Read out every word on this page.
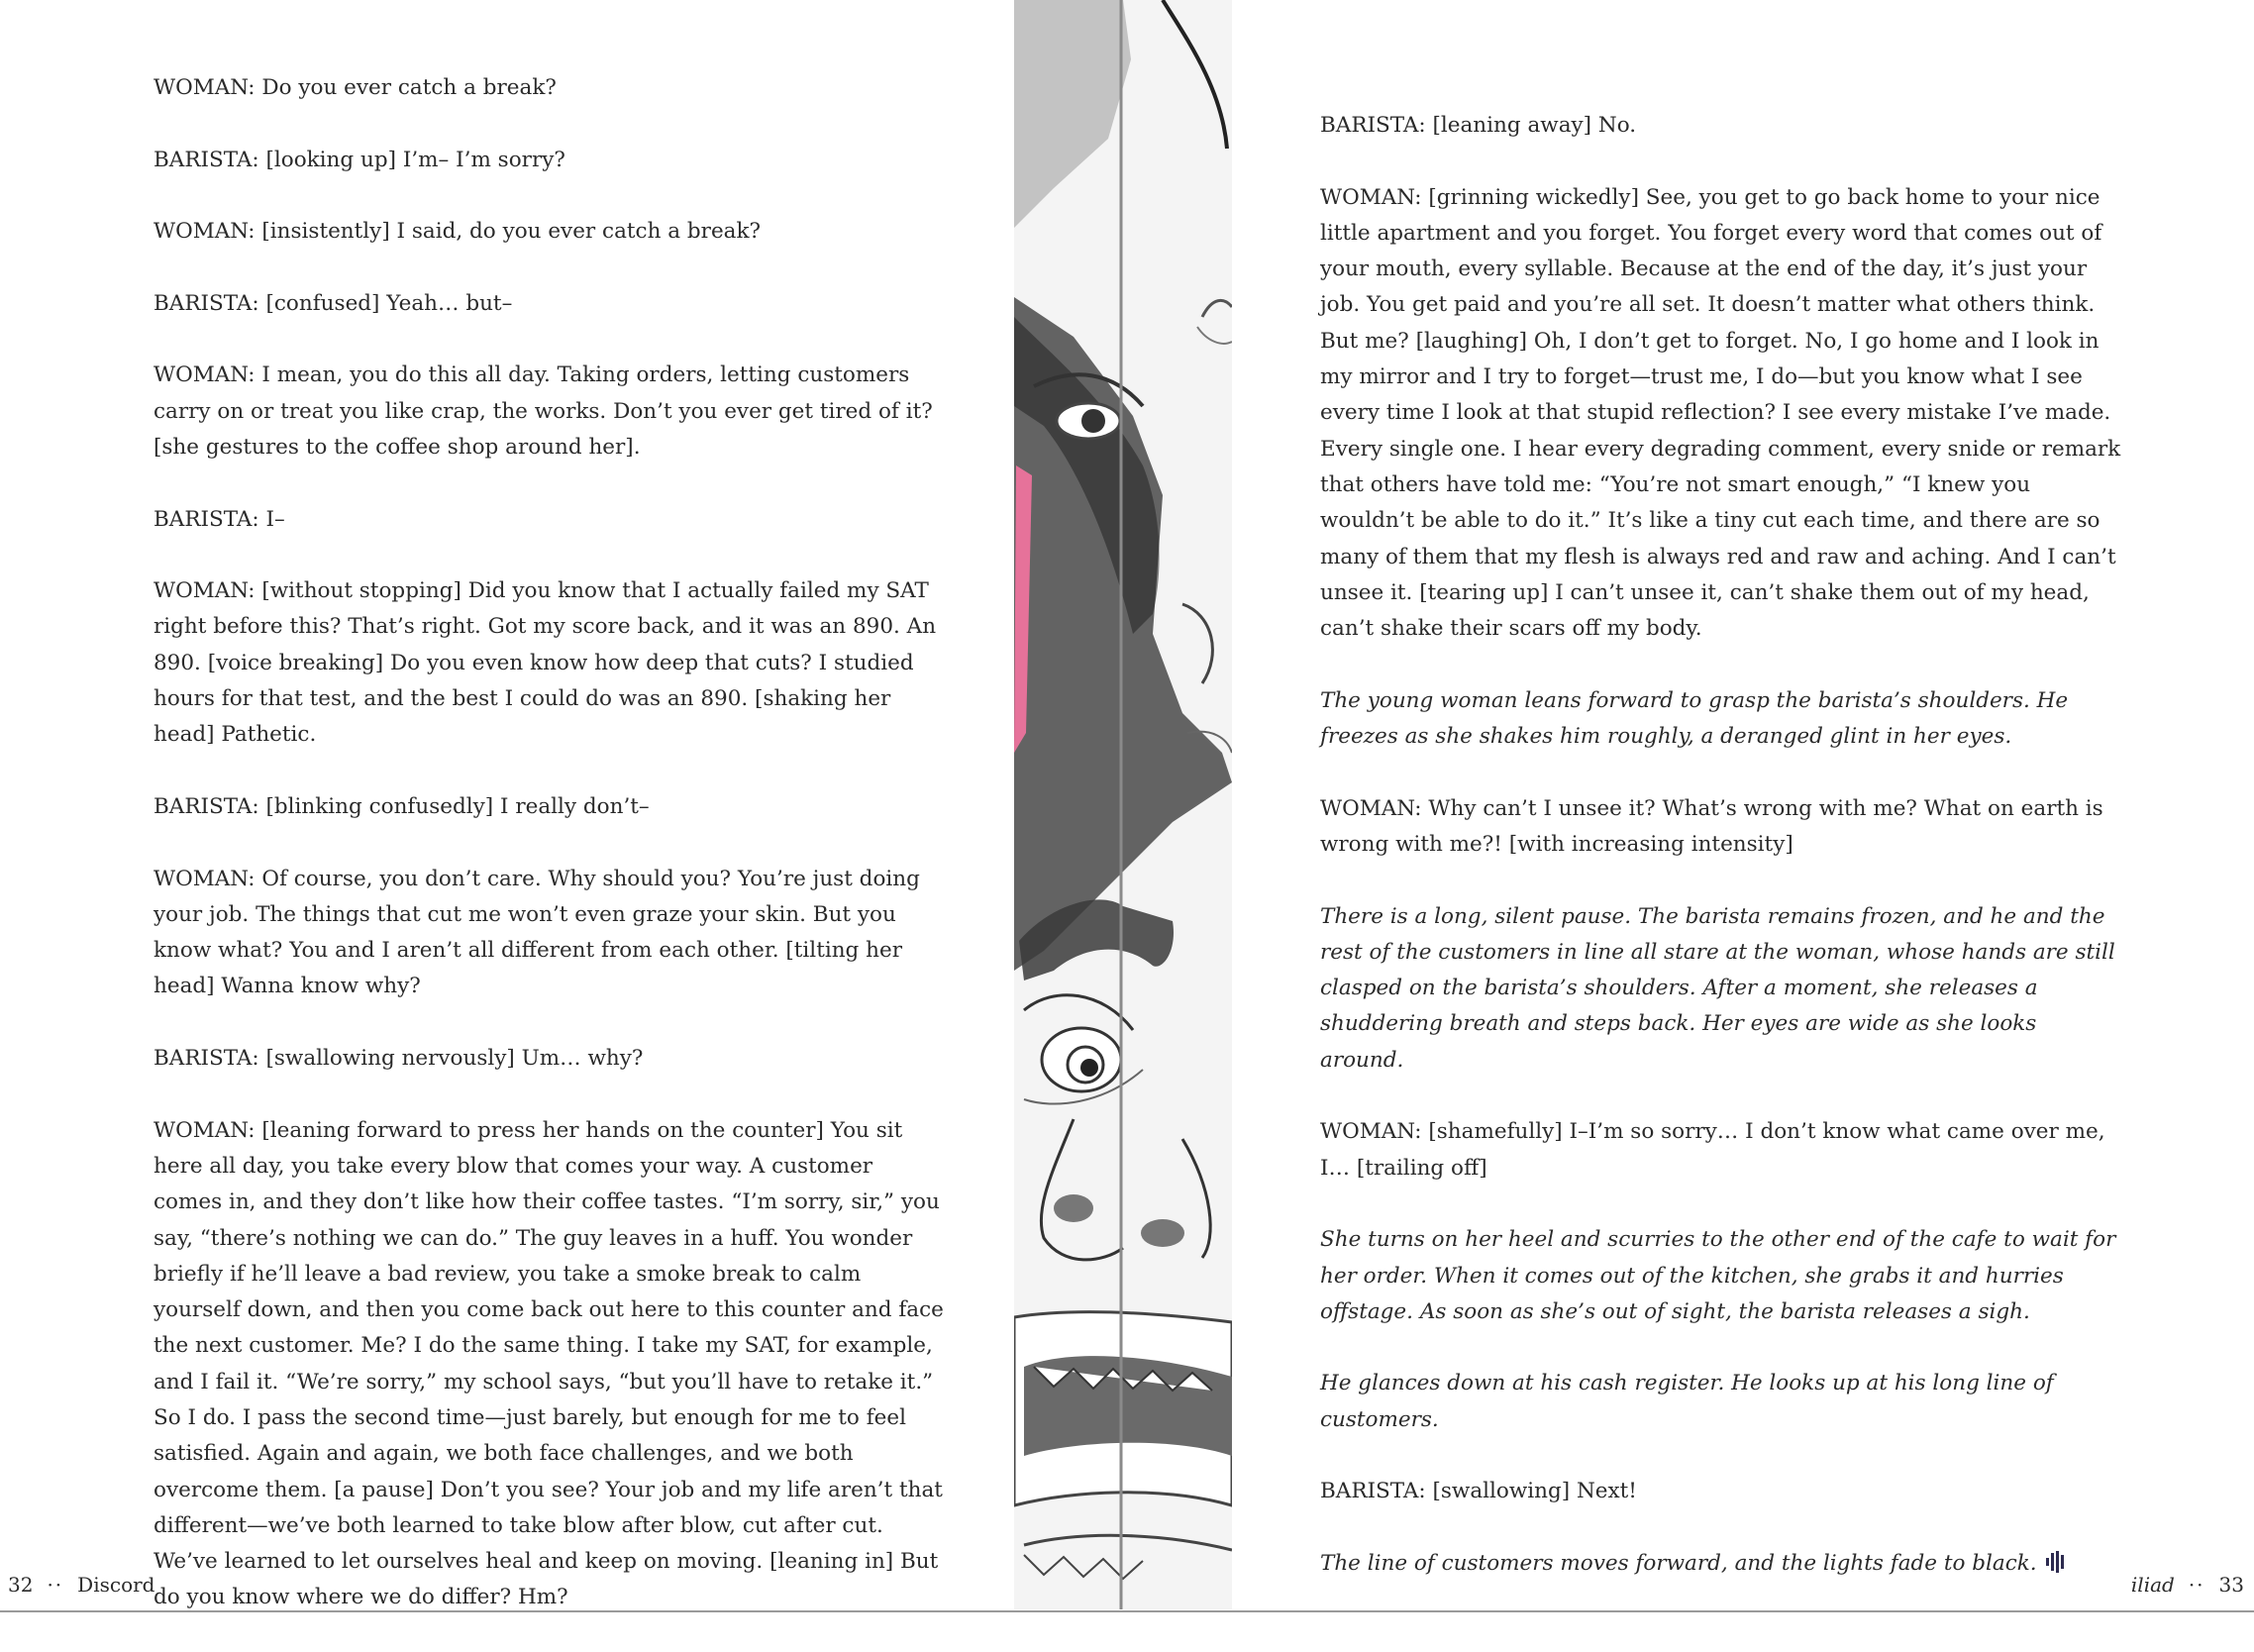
WOMAN: Do you ever catch a break?

BARISTA: [looking up] I’m– I’m sorry?

WOMAN: [insistently] I said, do you ever catch a break?

BARISTA: [confused] Yeah… but–

WOMAN: I mean, you do this all day. Taking orders, letting customers carry on or treat you like crap, the works. Don’t you ever get tired of it? [she gestures to the coffee shop around her].

BARISTA: I–

WOMAN: [without stopping] Did you know that I actually failed my SAT right before this? That’s right. Got my score back, and it was an 890. An 890. [voice breaking] Do you even know how deep that cuts? I studied hours for that test, and the best I could do was an 890. [shaking her head] Pathetic.

BARISTA: [blinking confusedly] I really don’t–

WOMAN: Of course, you don’t care. Why should you? You’re just doing your job. The things that cut me won’t even graze your skin. But you know what? You and I aren’t all different from each other. [tilting her head] Wanna know why?

BARISTA: [swallowing nervously] Um… why?

WOMAN: [leaning forward to press her hands on the counter] You sit here all day, you take every blow that comes your way. A customer comes in, and they don’t like how their coffee tastes. “I’m sorry, sir,” you say, “there’s nothing we can do.” The guy leaves in a huff. You wonder briefly if he’ll leave a bad review, you take a smoke break to calm yourself down, and then you come back out here to this counter and face the next customer. Me? I do the same thing. I take my SAT, for example, and I fail it. “We’re sorry,” my school says, “but you’ll have to retake it.” So I do. I pass the second time—just barely, but enough for me to feel satisfied. Again and again, we both face challenges, and we both overcome them. [a pause] Don’t you see? Your job and my life aren’t that different—we’ve both learned to take blow after blow, cut after cut. We’ve learned to let ourselves heal and keep on moving. [leaning in] But do you know where we do differ? Hm?

BARISTA: [leaning away] No.

WOMAN: [grinning wickedly] See, you get to go back home to your nice little apartment and you forget. You forget every word that comes out of your mouth, every syllable. Because at the end of the day, it’s just your job. You get paid and you’re all set. It doesn’t matter what others think. But me? [laughing] Oh, I don’t get to forget. No, I go home and I look in my mirror and I try to forget—trust me, I do—but you know what I see every time I look at that stupid reflection? I see every mistake I’ve made. Every single one. I hear every degrading comment, every snide or remark that others have told me: “You’re not smart enough,” “I knew you wouldn’t be able to do it.” It’s like a tiny cut each time, and there are so many of them that my flesh is always red and raw and aching. And I can’t unsee it. [tearing up] I can’t unsee it, can’t shake them out of my head, can’t shake their scars off my body.

The young woman leans forward to grasp the barista’s shoulders. He freezes as she shakes him roughly, a deranged glint in her eyes.

WOMAN: Why can’t I unsee it? What’s wrong with me? What on earth is wrong with me?! [with increasing intensity]

There is a long, silent pause. The barista remains frozen, and he and the rest of the customers in line all stare at the woman, whose hands are still clasped on the barista’s shoulders. After a moment, she releases a shuddering breath and steps back. Her eyes are wide as she looks around.

WOMAN: [shamefully] I–I’m so sorry… I don’t know what came over me, I… [trailing off]

She turns on her heel and scurries to the other end of the cafe to wait for her order. When it comes out of the kitchen, she grabs it and hurries offstage. As soon as she’s out of sight, the barista releases a sigh.

He glances down at his cash register. He looks up at his long line of customers.

BARISTA: [swallowing] Next!

The line of customers moves forward, and the lights fade to black.

32 ·· Discord	iliad ·· 33
